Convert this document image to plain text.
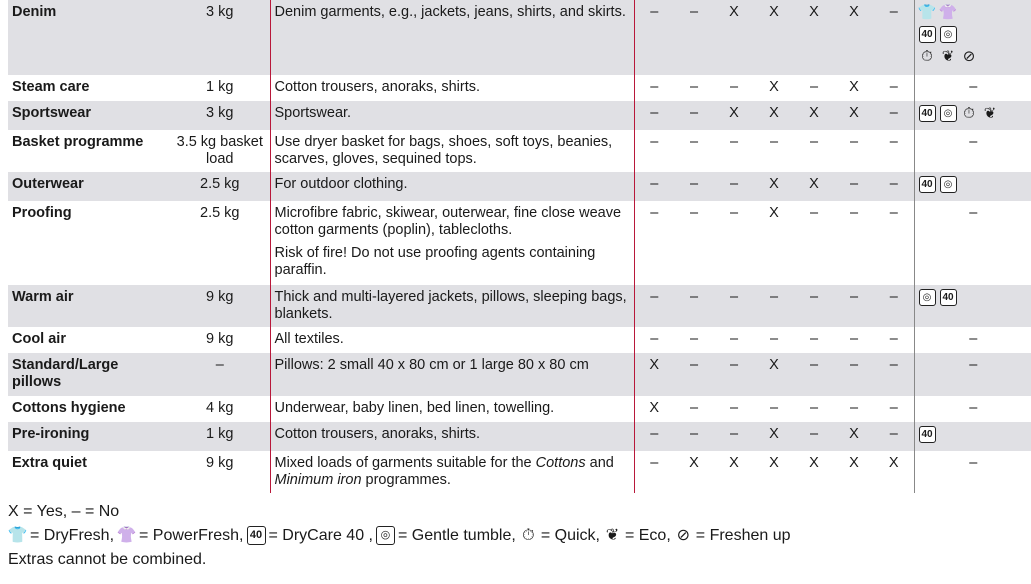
Denim	3 kg	Denim garments, e.g., jackets, jeans, shirts, and skirts.	–	–	X	X	X	X	–	👕 👚
40 ◎
⏱ ❦ ⊘

Steam care	1 kg	Cotton trousers, anoraks, shirts.	–	–	–	X	–	X	–	–
Sportswear	3 kg	Sportswear.	–	–	X	X	X	X	–	40 ◎ ⏱ ❦

Basket programme	3.5 kg basket load	Use dryer basket for bags, shoes, soft toys, beanies, scarves, gloves, sequined tops.	–	–	–	–	–	–	–	–
Outerwear	2.5 kg	For outdoor clothing.	–	–	–	X	X	–	–	40 ◎

Proofing	2.5 kg	Microfibre fabric, skiwear, outerwear, fine close weave cotton garments (poplin), tablecloths.
Risk of fire! Do not use proofing agents containing paraffin.	–	–	–	X	–	–	–	–
Warm air	9 kg	Thick and multi-layered jackets, pillows, sleeping bags, blankets.	–	–	–	–	–	–	–	◎ 40

Cool air	9 kg	All textiles.	–	–	–	–	–	–	–	–
Standard/Large pillows	–	Pillows: 2 small 40 x 80 cm or 1 large 80 x 80 cm	X	–	–	X	–	–	–	–
Cottons hygiene	4 kg	Underwear, baby linen, bed linen, towelling.	X	–	–	–	–	–	–	–
Pre-ironing	1 kg	Cotton trousers, anoraks, shirts.	–	–	–	X	–	X	–	40

Extra quiet	9 kg	Mixed loads of garments suitable for the Cottons and Minimum iron programmes.	–	X	X	X	X	X	X	–
X = Yes, – = No
👕 = DryFresh, 👚 = PowerFresh, 40 = DryCare 40 , ◎ = Gentle tumble, ⏱ = Quick, ❦ = Eco, ⊘ = Freshen up
Extras cannot be combined.
